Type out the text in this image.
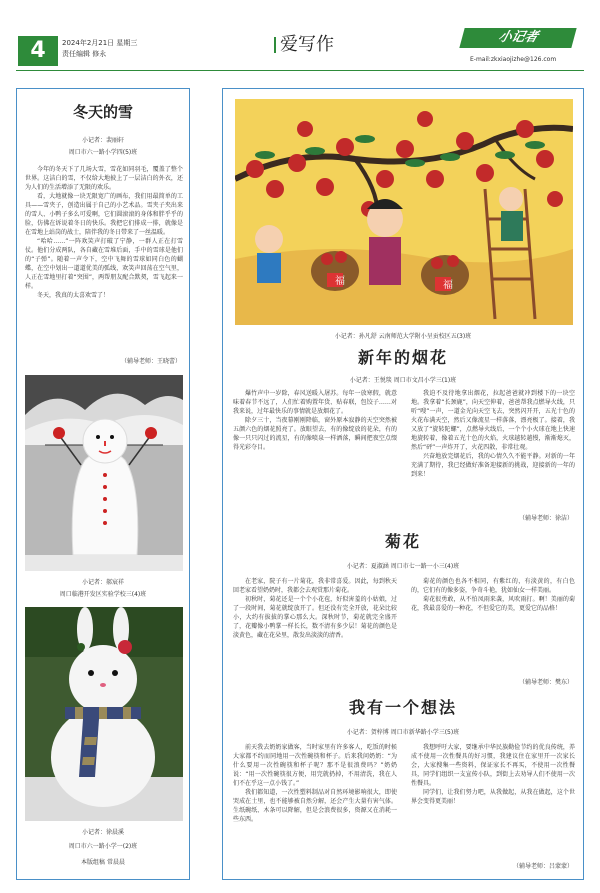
4	2024年2月21日 星期三
责任编辑 修永	爱写作	小记者
E-mail:zkxiaojizhe@126.com
冬天的雪
小记者：裴丽轩
周口市六一路小学四(5)班

今年的冬天下了几场大雪，雪花如同羽毛，覆盖了整个世界。这洁白的雪，不仅给大地披上了一层洁白的外衣，还为人们的生活增添了无限的欢乐。

看，大地就像一块无限宽广的画布，我们用最简单的工具——雪夹子，创造出属于自己的小艺术品。雪夹子夹出来的雪人、小鸭子多么可爱啊，它们圆滚滚的身体和胖乎乎的脸，仿佛在诉说着冬日的快乐。我把它们排成一排，就像是在雪地上站岗的战士，陪伴我的冬日带来了一丝温暖。

“哈哈……”一阵欢笑声打破了宁静，一群人正在打雪仗。他们分成两队，各自藏在雪堆后面，手中的雪球是他们的“子弹”。随着一声令下，空中飞舞的雪球如同白色的蝴蝶，在空中划出一道道优美的弧线，欢笑声回荡在空气里，人正在雪地里打着“突围”，两帮朋友配合默契，雪飞起来一样。

冬天，我真的太喜欢雪了！

（辅导老师：王晓蕾）
小记者：郝宸祥
周口临港开发区实验学校三(4)班
小记者：徐晨溪
周口市六一路小学一(2)班
本版组稿 常晨晨
福	福
小记者：孙凡舒 云南师范大学附小呈贡校区五(3)班
新年的烟花
小记者：王悦琰 周口市文昌小学三(1)班

爆竹声中一岁除，春风送暖入屠苏。每年一放寒假，就意味着春节不远了，人们忙着购置年货、贴春联，包饺子……对我来说，过年最快乐的事情就是放烟花了。

除夕三十，当夜幕刚刚降临，窗外原本寂静的天空突然被五颜六色的烟花照亮了。放眼望去，有的像绽放的花朵，有的像一只只闪过的流星，有的像喷泉一样洒落，瞬间把夜空点缀得光彩夺目。

我迫不及待地拿出烟花，拉起爸爸就冲到楼下的一块空地。我拿着“长颈鹿”，向天空伸着，爸爸帮我点燃导火线，只听“嗖”一声，一道金光向天空飞去，突然闪开开，五光十色的火花布满天空，然后又像流星一样落落，漂亮极了。接着，我又放了“旋转陀螺”，点燃导火线后，一个个小火球在地上快速地旋转着，像着五光十色的火焰，火球越转越慢，渐渐熄灭，然后“砰”一声炸开了，火花四散，非常壮观。

兴奋地放完烟花后，我的心情久久不能平静。对新的一年充满了期待，我已经做好准备迎接新的挑战，迎接新的一年的到来！

（辅导老师：徐洁）
菊花
小记者：夏淑涵 周口市七一路一小三(4)班

在老家，院子有一片菊花，我非常喜爱。因此，每到秋天回老家看望奶奶时，我都会去观赏那片菊花。

初秋时，菊花还是一个个小花苞，好似害羞的小姑娘，过了一段时间，菊花就绽放开了。但还没有完全开放，花朵比较小，大约有拔拔的掌心那么大。深秋时节，菊花就完全盛开了，花瓣像小鸭掌一样长长，数不清有多少层！菊花的颜色是淡黄色，藏在花朵里，散发出淡淡的清香。

菊花的颜色也各不相同，有紫红的，有淡黄的，有白色的，它们有的像多姿，争奇斗艳，犹如仙女一样美丽。

菊花很勇敢，从不怕凤雨来袭，风吹雨打。啊！美丽的菊花，我最喜爱的一种花，不但爱它的美，更爱它的品格！

（辅导老师：樊东）
我有一个想法
小记者：贺梓博 周口市新华路小学三(5)班

前天我去奶奶家做客，当时家里有许多客人，吃饭的时候大家都不约而同地用一次性碗筷和杯子。后来我问奶奶：“为什么要用一次性碗筷和杯子呢？那不是很浪费吗？”奶奶说：“用一次性碗筷很方便，用完就扔掉，不用清洗，我在人们不在乎这一点小钱了。”

我们都知道，一次性塑料制品对自然环境影响很大，即使哭成在土里，也不能够被自然分解，还会产生大量有害气体。生纸碗纸、木条可以降解，但是会浪费很多，资源又在消耗一些东西。

我想呼吁大家，要继承中华民族勤俭节约的优良传统，养成不使用一次性餐具的好习惯，我建议住在家里开一次家长会，大家搜集一些资料，保证家长不再买，不使用一次性餐具，同学们组织一支宣传小队，到街上去劝导人们不使用一次性餐具。

同学们，让我们努力吧，从我做起，从我在做起，这个世界会变得更美丽！

（辅导老师：吕蒙蒙）
